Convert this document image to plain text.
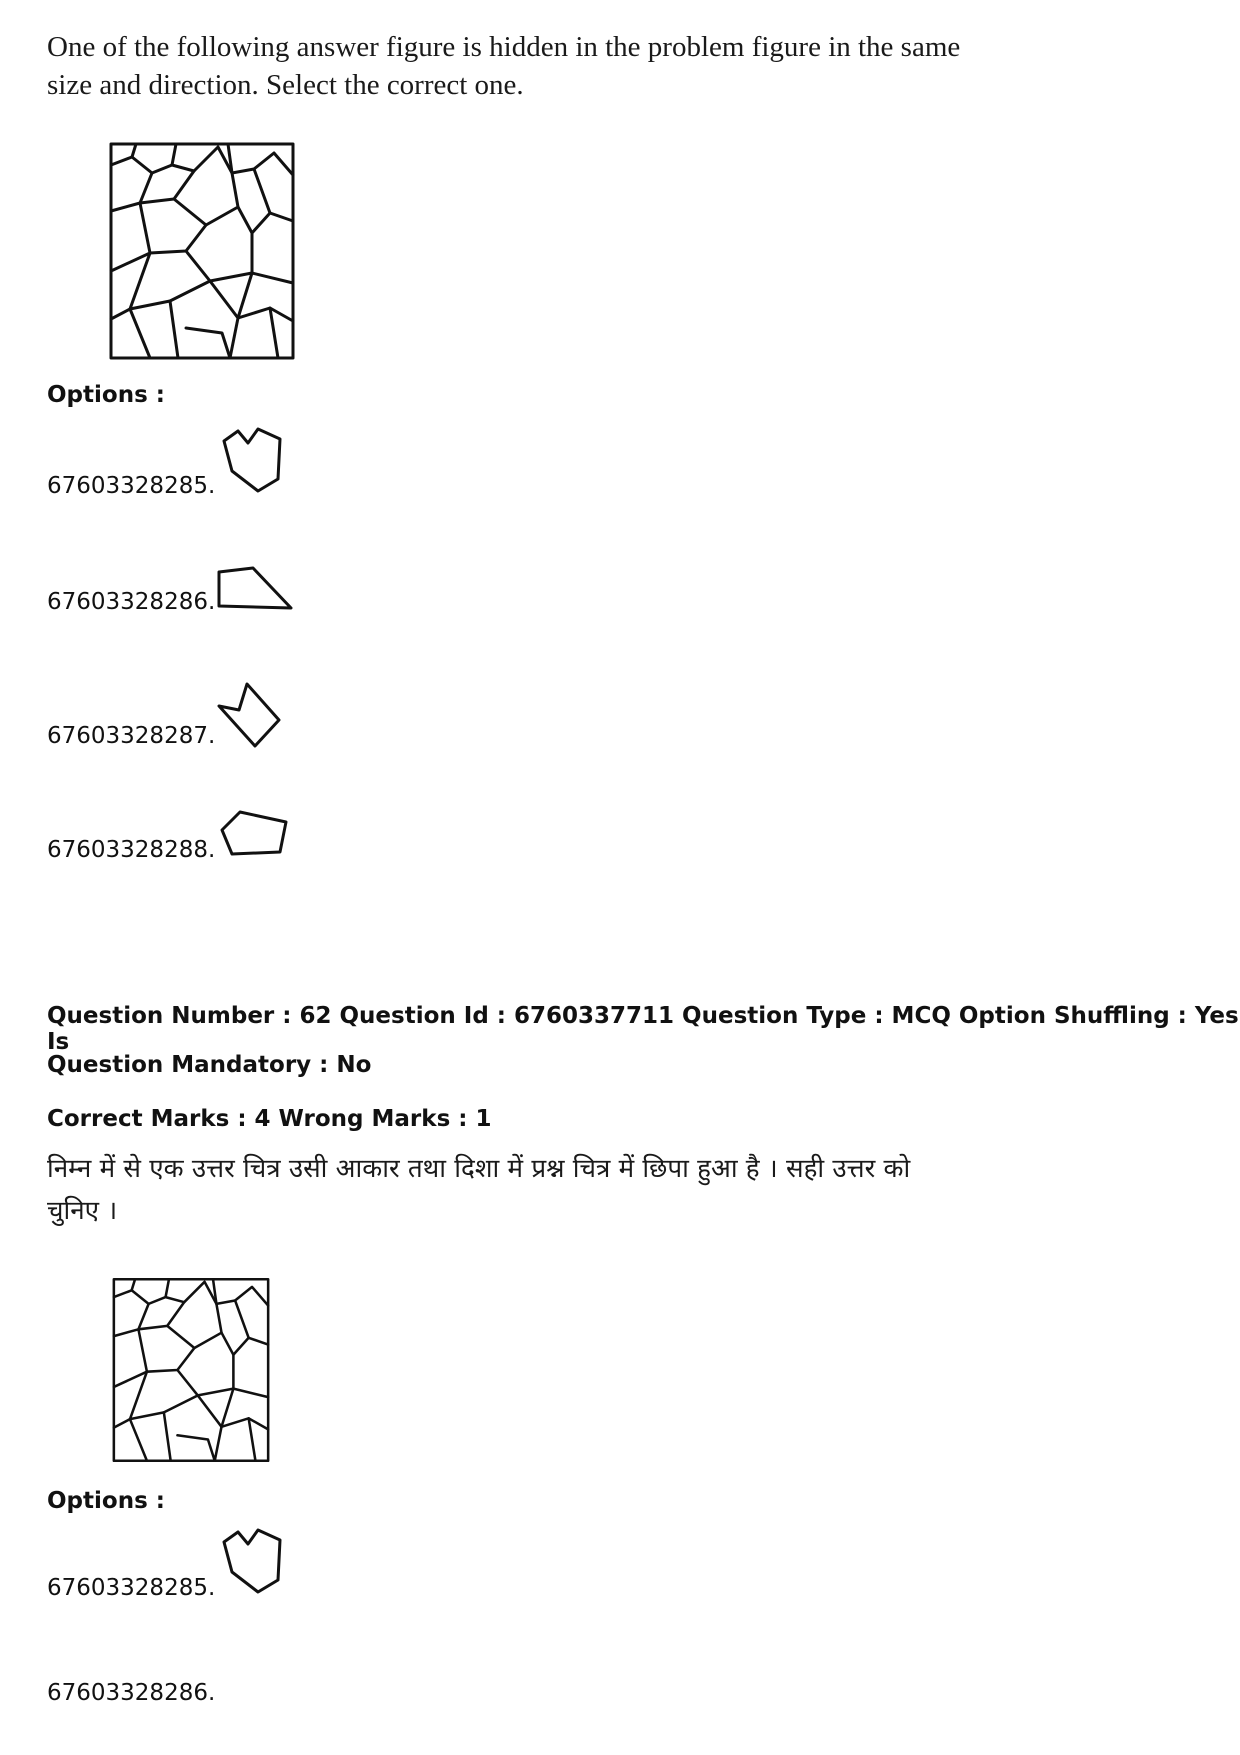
One of the following answer figure is hidden in the problem figure in the same size and direction. Select the correct one.
Options :
67603328285.
67603328286.
67603328287.
67603328288.
Question Number : 62 Question Id : 6760337711 Question Type : MCQ Option Shuffling : Yes Is
Question Mandatory : No
Correct Marks : 4 Wrong Marks : 1
निम्न में से एक उत्तर चित्र उसी आकार तथा दिशा में प्रश्न चित्र में छिपा हुआ है । सही उत्तर को चुनिए ।
Options :
67603328285.
67603328286.
